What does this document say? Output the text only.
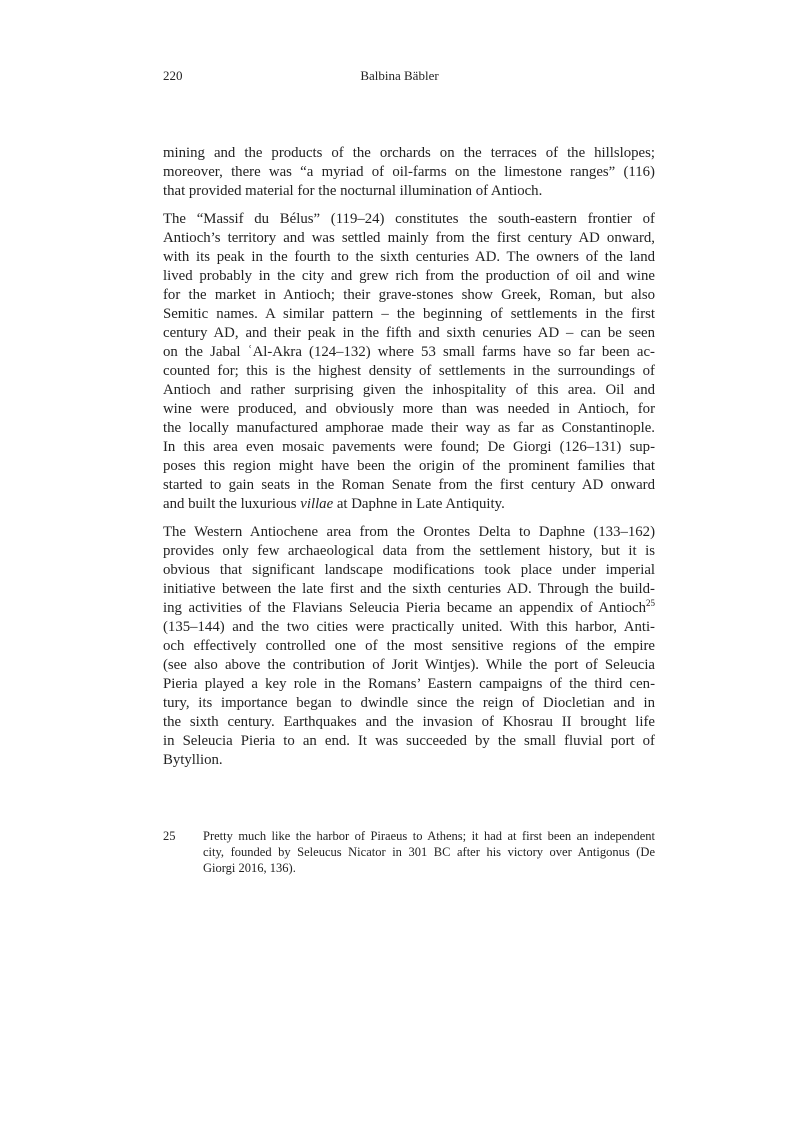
220	Balbina Bäbler
mining and the products of the orchards on the terraces of the hillslopes;
moreover, there was “a myriad of oil-farms on the limestone ranges” (116)
that provided material for the nocturnal illumination of Antioch.
The “Massif du Bélus” (119–24) constitutes the south-eastern frontier of
Antioch’s territory and was settled mainly from the first century AD onward,
with its peak in the fourth to the sixth centuries AD. The owners of the land
lived probably in the city and grew rich from the production of oil and wine
for the market in Antioch; their grave-stones show Greek, Roman, but also
Semitic names. A similar pattern – the beginning of settlements in the first
century AD, and their peak in the fifth and sixth cenuries AD – can be seen
on the Jabal ʿAl-Akra (124–132) where 53 small farms have so far been ac-
counted for; this is the highest density of settlements in the surroundings of
Antioch and rather surprising given the inhospitality of this area. Oil and
wine were produced, and obviously more than was needed in Antioch, for
the locally manufactured amphorae made their way as far as Constantinople.
In this area even mosaic pavements were found; De Giorgi (126–131) sup-
poses this region might have been the origin of the prominent families that
started to gain seats in the Roman Senate from the first century AD onward
and built the luxurious villae at Daphne in Late Antiquity.
The Western Antiochene area from the Orontes Delta to Daphne (133–162)
provides only few archaeological data from the settlement history, but it is
obvious that significant landscape modifications took place under imperial
initiative between the late first and the sixth centuries AD. Through the build-
ing activities of the Flavians Seleucia Pieria became an appendix of Antioch$^{25}$
(135–144) and the two cities were practically united. With this harbor, Anti-
och effectively controlled one of the most sensitive regions of the empire
(see also above the contribution of Jorit Wintjes). While the port of Seleucia
Pieria played a key role in the Romans’ Eastern campaigns of the third cen-
tury, its importance began to dwindle since the reign of Diocletian and in
the sixth century. Earthquakes and the invasion of Khosrau II brought life
in Seleucia Pieria to an end. It was succeeded by the small fluvial port of
Bytyllion.
25 Pretty much like the harbor of Piraeus to Athens; it had at first been an independent
city, founded by Seleucus Nicator in 301 BC after his victory over Antigonus (De
Giorgi 2016, 136).
